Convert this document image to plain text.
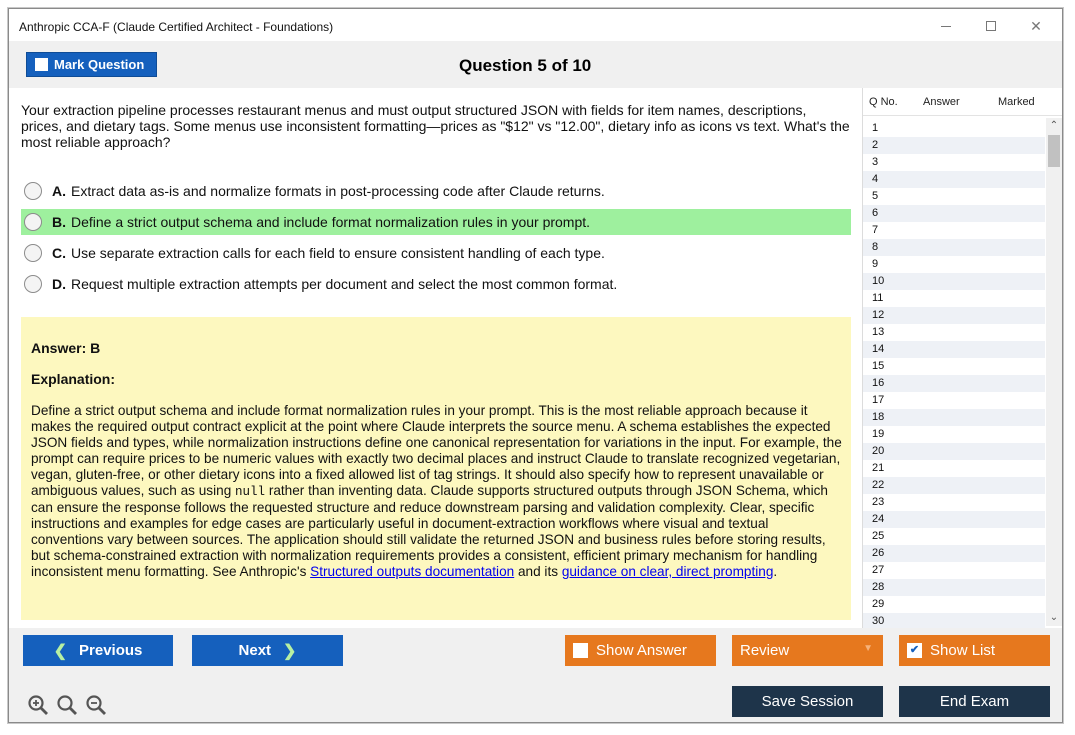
Anthropic CCA-F (Claude Certified Architect - Foundations)	✕
Mark Question	Question 5 of 10
Your extraction pipeline processes restaurant menus and must output structured JSON with fields for item names, descriptions, prices, and dietary tags. Some menus use inconsistent formatting—prices as "$12" vs "12.00", dietary info as icons vs text. What's the most reliable approach?
A. Extract data as-is and normalize formats in post-processing code after Claude returns.
B. Define a strict output schema and include format normalization rules in your prompt.
C. Use separate extraction calls for each field to ensure consistent handling of each type.
D. Request multiple extraction attempts per document and select the most common format.
Answer: B
Explanation:
Define a strict output schema and include format normalization rules in your prompt. This is the most reliable approach because it makes the required output contract explicit at the point where Claude interprets the source menu. A schema establishes the expected JSON fields and types, while normalization instructions define one canonical representation for variations in the input. For example, the prompt can require prices to be numeric values with exactly two decimal places and instruct Claude to translate recognized vegetarian, vegan, gluten-free, or other dietary icons into a fixed allowed list of tag strings. It should also specify how to represent unavailable or ambiguous values, such as using null rather than inventing data. Claude supports structured outputs through JSON Schema, which can ensure the response follows the requested structure and reduce downstream parsing and validation complexity. Clear, specific instructions and examples for edge cases are particularly useful in document-extraction workflows where visual and textual conventions vary between sources. The application should still validate the returned JSON and business rules before storing results, but schema-constrained extraction with normalization requirements provides a consistent, efficient primary mechanism for handling inconsistent menu formatting. See Anthropic's Structured outputs documentation and its guidance on clear, direct prompting.
Q No. Answer	Marked
1
2
3
4
5
6
7
8
9
10
11
12
13
14
15
16
17
18
19
20
21
22
23
24
25
26
27
28
29
30
⌃
⌄
❮ Previous	Next ❯	Show Answer	Review	▼	✔ Show List
Save Session	End Exam
